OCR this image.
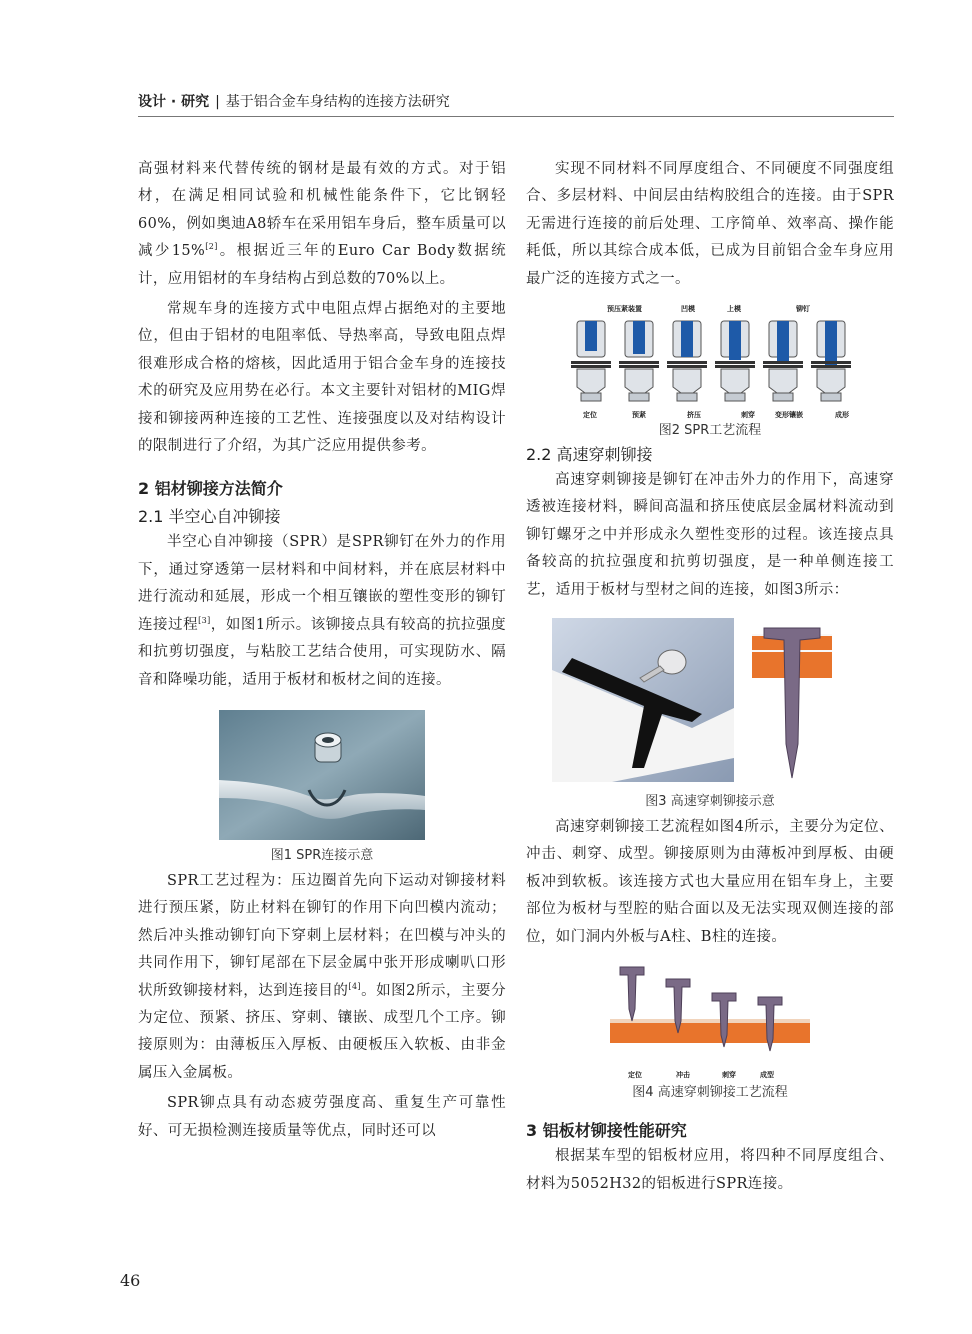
设计 · 研究 | 基于铝合金车身结构的连接方法研究

高强材料来代替传统的钢材是最有效的方式。对于铝材，在满足相同试验和机械性能条件下，它比钢轻60%，例如奥迪A8轿车在采用铝车身后，整车质量可以减少15%[2]。根据近三年的Euro Car Body数据统计，应用铝材的车身结构占到总数的70%以上。

常规车身的连接方式中电阻点焊占据绝对的主要地位，但由于铝材的电阻率低、导热率高，导致电阻点焊很难形成合格的熔核，因此适用于铝合金车身的连接技术的研究及应用势在必行。本文主要针对铝材的MIG焊接和铆接两种连接的工艺性、连接强度以及对结构设计的限制进行了介绍，为其广泛应用提供参考。

2 铝材铆接方法简介
2.1 半空心自冲铆接

半空心自冲铆接（SPR）是SPR铆钉在外力的作用下，通过穿透第一层材料和中间材料，并在底层材料中进行流动和延展，形成一个相互镶嵌的塑性变形的铆钉连接过程[3]，如图1所示。该铆接点具有较高的抗拉强度和抗剪切强度，与粘胶工艺结合使用，可实现防水、隔音和降噪功能，适用于板材和板材之间的连接。

图1 SPR连接示意

SPR工艺过程为：压边圈首先向下运动对铆接材料进行预压紧，防止材料在铆钉的作用下向凹模内流动；然后冲头推动铆钉向下穿刺上层材料；在凹模与冲头的共同作用下，铆钉尾部在下层金属中张开形成喇叭口形状所致铆接材料，达到连接目的[4]。如图2所示，主要分为定位、预紧、挤压、穿刺、镶嵌、成型几个工序。铆接原则为：由薄板压入厚板、由硬板压入软板、由非金属压入金属板。

SPR铆点具有动态疲劳强度高、重复生产可靠性好、可无损检测连接质量等优点，同时还可以

实现不同材料不同厚度组合、不同硬度不同强度组合、多层材料、中间层由结构胶组合的连接。由于SPR无需进行连接的前后处理、工序简单、效率高、操作能耗低，所以其综合成本低，已成为目前铝合金车身应用最广泛的连接方式之一。

预压紧装置	凹模	上模	铆钉
定位	预紧	挤压	刺穿	变形镶嵌	成形
图2 SPR工艺流程
2.2 高速穿刺铆接

高速穿刺铆接是铆钉在冲击外力的作用下，高速穿透被连接材料，瞬间高温和挤压使底层金属材料流动到铆钉螺牙之中并形成永久塑性变形的过程。该连接点具备较高的抗拉强度和抗剪切强度，是一种单侧连接工艺，适用于板材与型材之间的连接，如图3所示：

图3 高速穿刺铆接示意

高速穿刺铆接工艺流程如图4所示，主要分为定位、冲击、刺穿、成型。铆接原则为由薄板冲到厚板、由硬板冲到软板。该连接方式也大量应用在铝车身上，主要部位为板材与型腔的贴合面以及无法实现双侧连接的部位，如门洞内外板与A柱、B柱的连接。

定位	冲击	刺穿	成型
图4 高速穿刺铆接工艺流程
3 铝板材铆接性能研究

根据某车型的铝板材应用，将四种不同厚度组合、材料为5052H32的铝板进行SPR连接。

46
